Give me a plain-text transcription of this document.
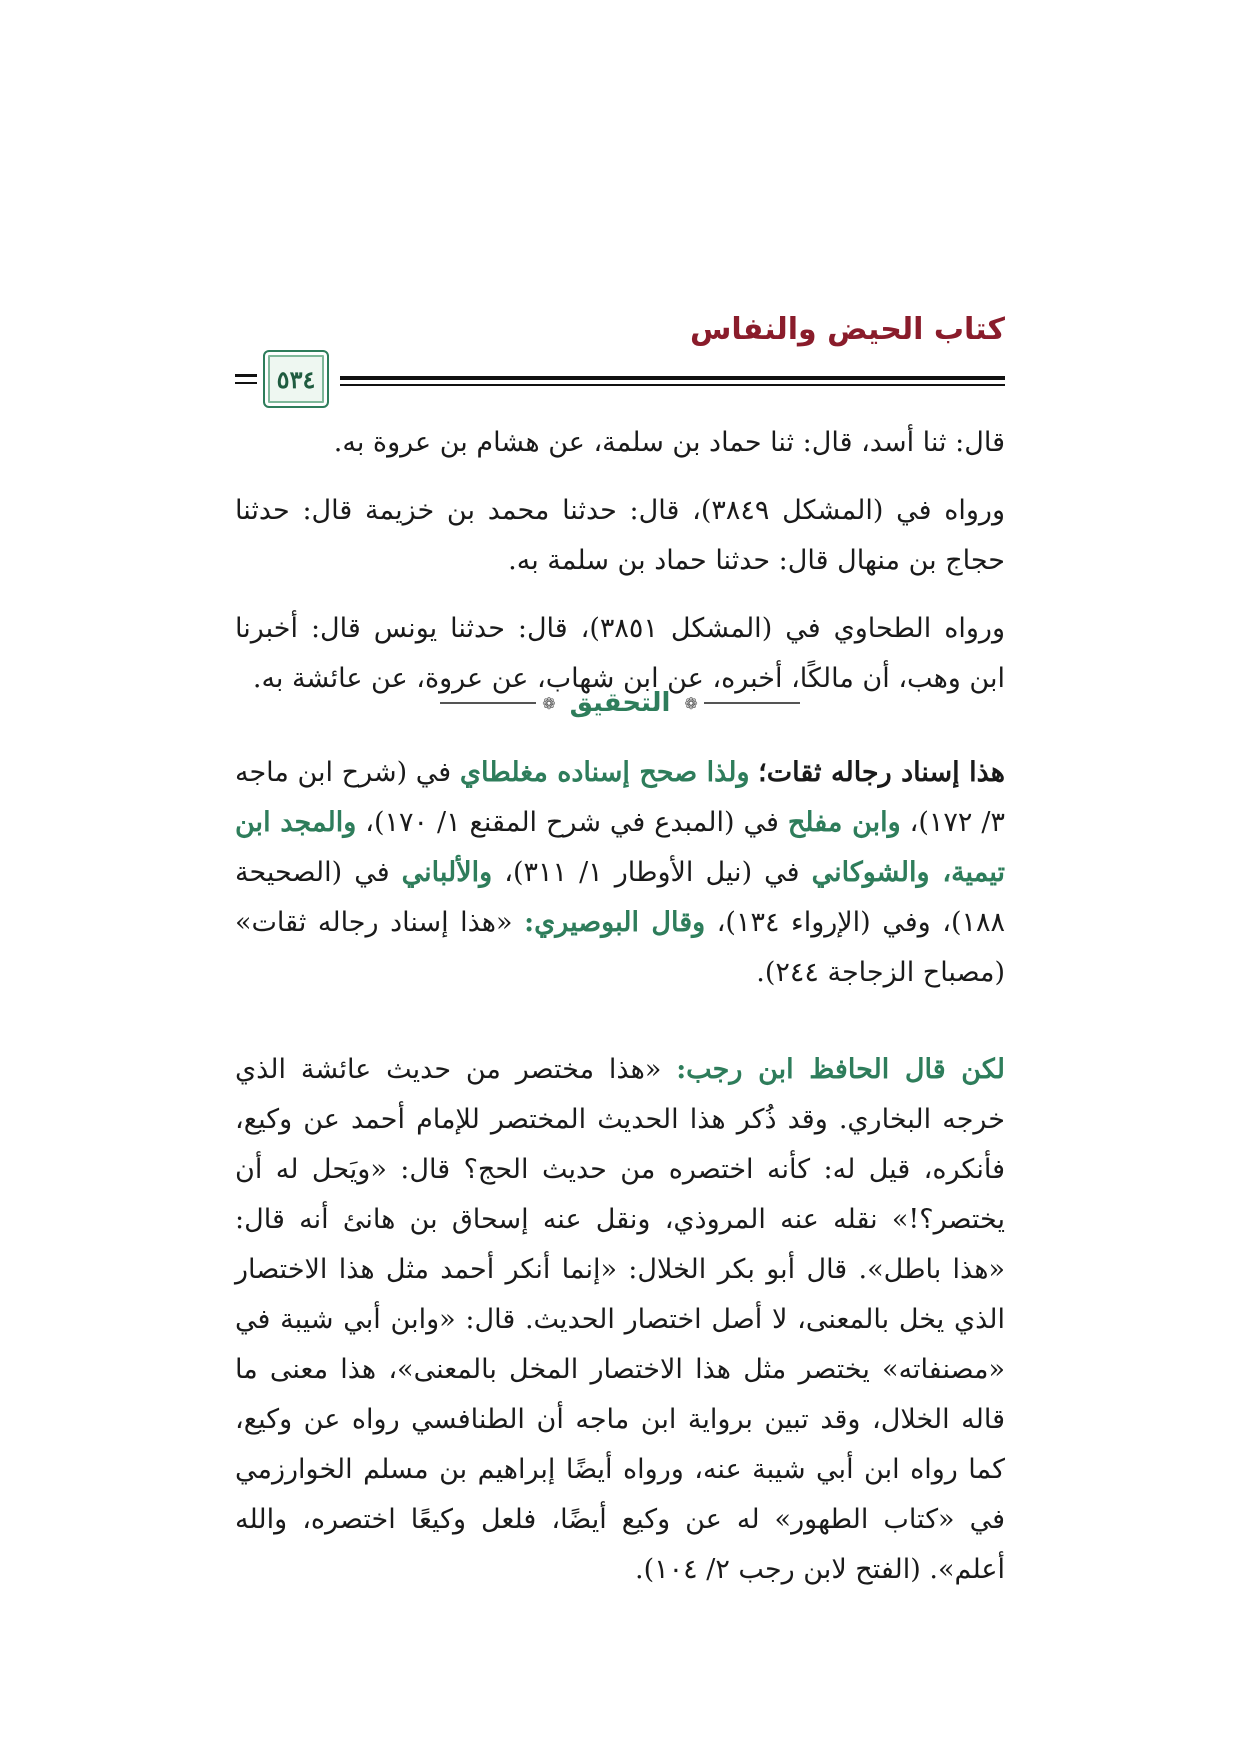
كتاب الحيض والنفاس
٥٣٤

قال: ثنا أسد، قال: ثنا حماد بن سلمة، عن هشام بن عروة به.

ورواه في (المشكل ٣٨٤٩)، قال: حدثنا محمد بن خزيمة قال: حدثنا حجاج بن منهال قال: حدثنا حماد بن سلمة به.

ورواه الطحاوي في (المشكل ٣٨٥١)، قال: حدثنا يونس قال: أخبرنا ابن وهب، أن مالكًا، أخبره، عن ابن شهاب، عن عروة، عن عائشة به.

❁
التحقيق
❁

هذا إسناد رجاله ثقات؛ ولذا صحح إسناده مغلطاي في (شرح ابن ماجه ٣/ ١٧٢)، وابن مفلح في (المبدع في شرح المقنع ١/ ١٧٠)، والمجد ابن تيمية، والشوكاني في (نيل الأوطار ١/ ٣١١)، والألباني في (الصحيحة ١٨٨)، وفي (الإرواء ١٣٤)، وقال البوصيري: «هذا إسناد رجاله ثقات» (مصباح الزجاجة ٢٤٤).

لكن قال الحافظ ابن رجب: «هذا مختصر من حديث عائشة الذي خرجه البخاري. وقد ذُكر هذا الحديث المختصر للإمام أحمد عن وكيع، فأنكره، قيل له: كأنه اختصره من حديث الحج؟ قال: «ويَحل له أن يختصر؟!» نقله عنه المروذي، ونقل عنه إسحاق بن هانئ أنه قال: «هذا باطل». قال أبو بكر الخلال: «إنما أنكر أحمد مثل هذا الاختصار الذي يخل بالمعنى، لا أصل اختصار الحديث. قال: «وابن أبي شيبة في «مصنفاته» يختصر مثل هذا الاختصار المخل بالمعنى»، هذا معنى ما قاله الخلال، وقد تبين برواية ابن ماجه أن الطنافسي رواه عن وكيع، كما رواه ابن أبي شيبة عنه، ورواه أيضًا إبراهيم بن مسلم الخوارزمي في «كتاب الطهور» له عن وكيع أيضًا، فلعل وكيعًا اختصره، والله أعلم». (الفتح لابن رجب ٢/ ١٠٤).
